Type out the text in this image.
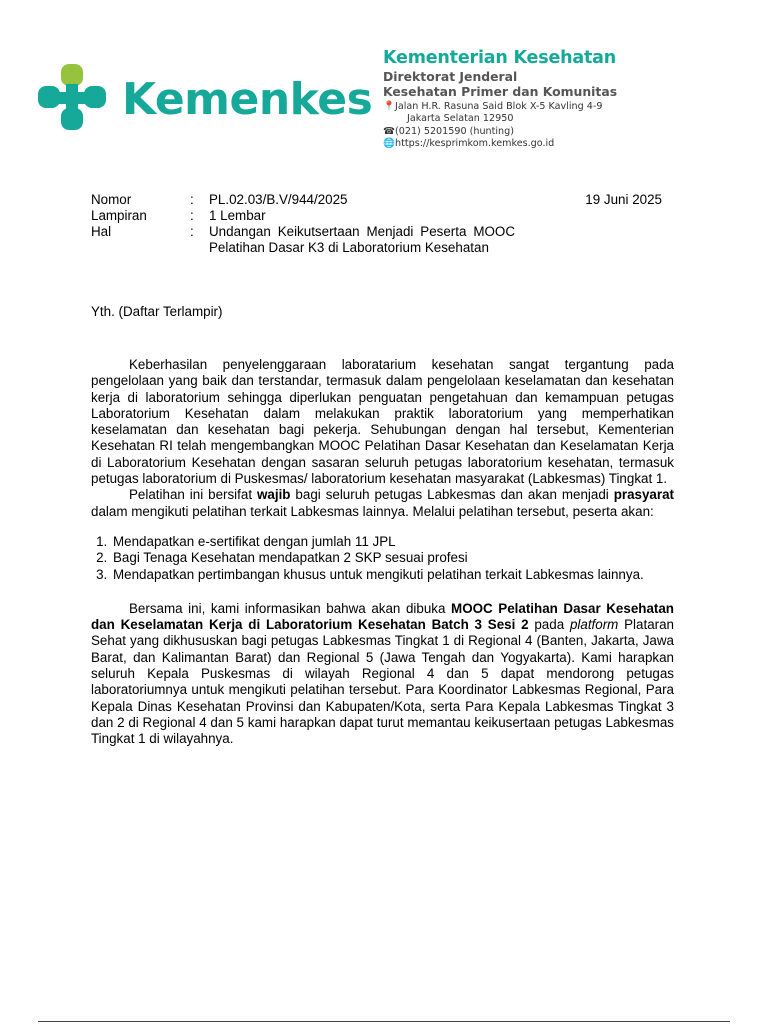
Kemenkes
Kementerian Kesehatan
Direktorat Jenderal
Kesehatan Primer dan Komunitas
📍 Jalan H.R. Rasuna Said Blok X-5 Kavling 4-9
Jakarta Selatan 12950
☎ (021) 5201590 (hunting)
🌐 https://kesprimkom.kemkes.go.id
Nomor	:	PL.02.03/B.V/944/2025
Lampiran	:	1 Lembar
Hal	:	Undangan Keikutsertaan Menjadi Peserta MOOC Pelatihan Dasar K3 di Laboratorium Kesehatan
19 Juni 2025
Yth. (Daftar Terlampir)

Keberhasilan penyelenggaraan laboratarium kesehatan sangat tergantung pada pengelolaan yang baik dan terstandar, termasuk dalam pengelolaan keselamatan dan kesehatan kerja di laboratorium sehingga diperlukan penguatan pengetahuan dan kemampuan petugas Laboratorium Kesehatan dalam melakukan praktik laboratorium yang memperhatikan keselamatan dan kesehatan bagi pekerja. Sehubungan dengan hal tersebut, Kementerian Kesehatan RI telah mengembangkan MOOC Pelatihan Dasar Kesehatan dan Keselamatan Kerja di Laboratorium Kesehatan dengan sasaran seluruh petugas laboratorium kesehatan, termasuk petugas laboratorium di Puskesmas/ laboratorium kesehatan masyarakat (Labkesmas) Tingkat 1.

Pelatihan ini bersifat wajib bagi seluruh petugas Labkesmas dan akan menjadi prasyarat dalam mengikuti pelatihan terkait Labkesmas lainnya. Melalui pelatihan tersebut, peserta akan:

1. Mendapatkan e-sertifikat dengan jumlah 11 JPL
2. Bagi Tenaga Kesehatan mendapatkan 2 SKP sesuai profesi
3. Mendapatkan pertimbangan khusus untuk mengikuti pelatihan terkait Labkesmas lainnya.

Bersama ini, kami informasikan bahwa akan dibuka MOOC Pelatihan Dasar Kesehatan dan Keselamatan Kerja di Laboratorium Kesehatan Batch 3 Sesi 2 pada platform Plataran Sehat yang dikhususkan bagi petugas Labkesmas Tingkat 1 di Regional 4 (Banten, Jakarta, Jawa Barat, dan Kalimantan Barat) dan Regional 5 (Jawa Tengah dan Yogyakarta). Kami harapkan seluruh Kepala Puskesmas di wilayah Regional 4 dan 5 dapat mendorong petugas laboratoriumnya untuk mengikuti pelatihan tersebut. Para Koordinator Labkesmas Regional, Para Kepala Dinas Kesehatan Provinsi dan Kabupaten/Kota, serta Para Kepala Labkesmas Tingkat 3 dan 2 di Regional 4 dan 5 kami harapkan dapat turut memantau keikusertaan petugas Labkesmas Tingkat 1 di wilayahnya.
